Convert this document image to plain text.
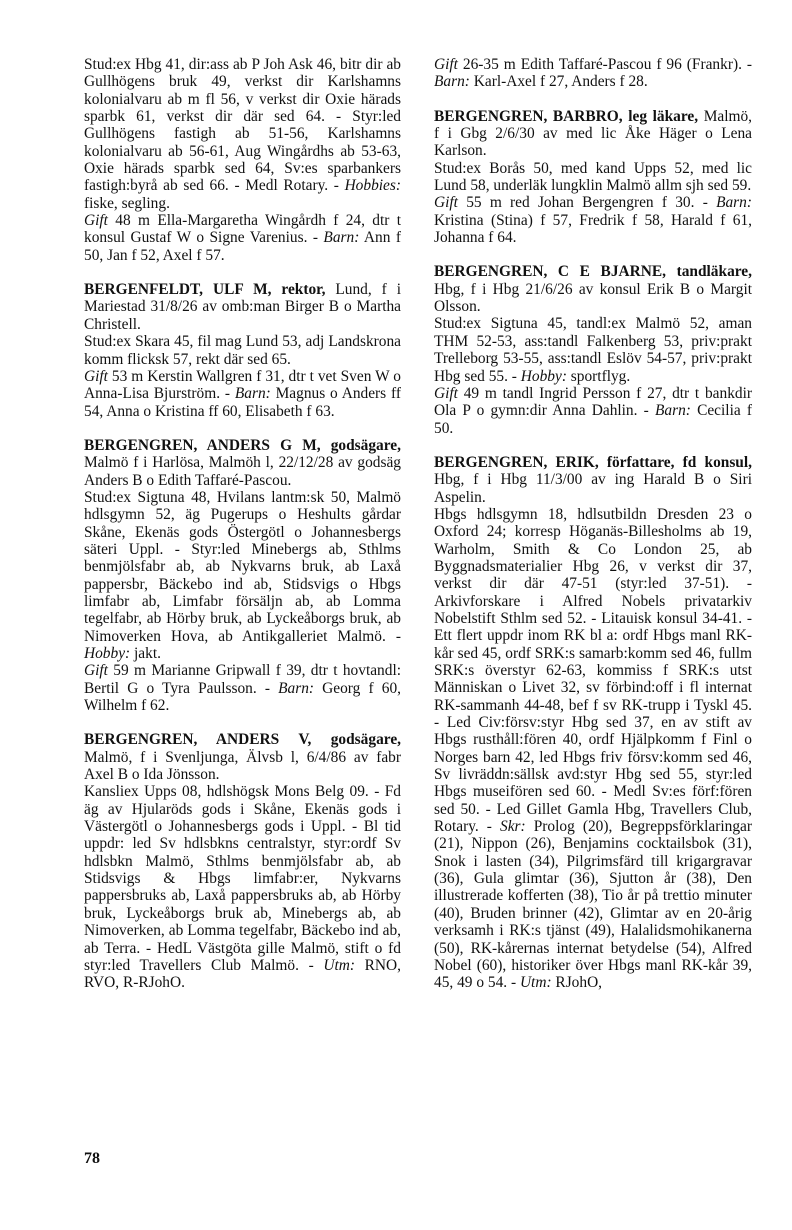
Stud:ex Hbg 41, dir:ass ab P Joh Ask 46, bitr dir ab Gullhögens bruk 49, verkst dir Karlshamns kolonialvaru ab m fl 56, v verkst dir Oxie härads sparbk 61, verkst dir där sed 64. - Styr:led Gullhögens fastigh ab 51-56, Karlshamns kolonialvaru ab 56-61, Aug Wingårdhs ab 53-63, Oxie härads sparbk sed 64, Sv:es sparbankers fastigh:byrå ab sed 66. - Medl Rotary. - Hobbies: fiske, segling.

Gift 48 m Ella-Margaretha Wingårdh f 24, dtr t konsul Gustaf W o Signe Varenius. - Barn: Ann f 50, Jan f 52, Axel f 57.

BERGENFELDT, ULF M, rektor, Lund, f i Mariestad 31/8/26 av omb:man Birger B o Martha Christell.

Stud:ex Skara 45, fil mag Lund 53, adj Landskrona komm flicksk 57, rekt där sed 65.

Gift 53 m Kerstin Wallgren f 31, dtr t vet Sven W o Anna-Lisa Bjurström. - Barn: Magnus o Anders ff 54, Anna o Kristina ff 60, Elisabeth f 63.

BERGENGREN, ANDERS G M, godsägare, Malmö f i Harlösa, Malmöh l, 22/12/28 av godsäg Anders B o Edith Taffaré-Pascou.

Stud:ex Sigtuna 48, Hvilans lantm:sk 50, Malmö hdlsgymn 52, äg Pugerups o Heshults gårdar Skåne, Ekenäs gods Östergötl o Johannesbergs säteri Uppl. - Styr:led Minebergs ab, Sthlms benmjölsfabr ab, ab Nykvarns bruk, ab Laxå pappersbr, Bäckebo ind ab, Stidsvigs o Hbgs limfabr ab, Limfabr försäljn ab, ab Lomma tegelfabr, ab Hörby bruk, ab Lyckeåborgs bruk, ab Nimoverken Hova, ab Antikgalleriet Malmö. - Hobby: jakt.

Gift 59 m Marianne Gripwall f 39, dtr t hovtandl: Bertil G o Tyra Paulsson. - Barn: Georg f 60, Wilhelm f 62.

BERGENGREN, ANDERS V, godsägare, Malmö, f i Svenljunga, Älvsb l, 6/4/86 av fabr Axel B o Ida Jönsson.

Kansliex Upps 08, hdlshögsk Mons Belg 09. - Fd äg av Hjularöds gods i Skåne, Ekenäs gods i Västergötl o Johannesbergs gods i Uppl. - Bl tid uppdr: led Sv hdlsbkns centralstyr, styr:ordf Sv hdlsbkn Malmö, Sthlms benmjölsfabr ab, ab Stidsvigs & Hbgs limfabr:er, Nykvarns pappersbruks ab, Laxå pappersbruks ab, ab Hörby bruk, Lyckeåborgs bruk ab, Minebergs ab, ab Nimoverken, ab Lomma tegelfabr, Bäckebo ind ab, ab Terra. - HedL Västgöta gille Malmö, stift o fd styr:led Travellers Club Malmö. - Utm: RNO, RVO, R-RJohO.

Gift 26-35 m Edith Taffaré-Pascou f 96 (Frankr). - Barn: Karl-Axel f 27, Anders f 28.

BERGENGREN, BARBRO, leg läkare, Malmö, f i Gbg 2/6/30 av med lic Åke Häger o Lena Karlson.

Stud:ex Borås 50, med kand Upps 52, med lic Lund 58, underläk lungklin Malmö allm sjh sed 59.

Gift 55 m red Johan Bergengren f 30. - Barn: Kristina (Stina) f 57, Fredrik f 58, Harald f 61, Johanna f 64.

BERGENGREN, C E BJARNE, tandläkare, Hbg, f i Hbg 21/6/26 av konsul Erik B o Margit Olsson.

Stud:ex Sigtuna 45, tandl:ex Malmö 52, aman THM 52-53, ass:tandl Falkenberg 53, priv:prakt Trelleborg 53-55, ass:tandl Eslöv 54-57, priv:prakt Hbg sed 55. - Hobby: sportflyg.

Gift 49 m tandl Ingrid Persson f 27, dtr t bankdir Ola P o gymn:dir Anna Dahlin. - Barn: Cecilia f 50.

BERGENGREN, ERIK, författare, fd konsul, Hbg, f i Hbg 11/3/00 av ing Harald B o Siri Aspelin.

Hbgs hdlsgymn 18, hdlsutbildn Dresden 23 o Oxford 24; korresp Höganäs-Billesholms ab 19, Warholm, Smith & Co London 25, ab Byggnadsmaterialier Hbg 26, v verkst dir 37, verkst dir där 47-51 (styr:led 37-51). - Arkivforskare i Alfred Nobels privatarkiv Nobelstift Sthlm sed 52. - Litauisk konsul 34-41. - Ett flert uppdr inom RK bl a: ordf Hbgs manl RK-kår sed 45, ordf SRK:s samarb:komm sed 46, fullm SRK:s överstyr 62-63, kommiss f SRK:s utst Människan o Livet 32, sv förbind:off i fl internat RK-sammanh 44-48, bef f sv RK-trupp i Tyskl 45. - Led Civ:försv:styr Hbg sed 37, en av stift av Hbgs rusthåll:fören 40, ordf Hjälpkomm f Finl o Norges barn 42, led Hbgs friv försv:komm sed 46, Sv livräddn:sällsk avd:styr Hbg sed 55, styr:led Hbgs museifören sed 60. - Medl Sv:es förf:fören sed 50. - Led Gillet Gamla Hbg, Travellers Club, Rotary. - Skr: Prolog (20), Begreppsförklaringar (21), Nippon (26), Benjamins cocktailsbok (31), Snok i lasten (34), Pilgrimsfärd till krigargravar (36), Gula glimtar (36), Sjutton år (38), Den illustrerade kofferten (38), Tio år på trettio minuter (40), Bruden brinner (42), Glimtar av en 20-årig verksamh i RK:s tjänst (49), Halalidsmohikanerna (50), RK-kårernas internat betydelse (54), Alfred Nobel (60), historiker över Hbgs manl RK-kår 39, 45, 49 o 54. - Utm: RJohO,

78
